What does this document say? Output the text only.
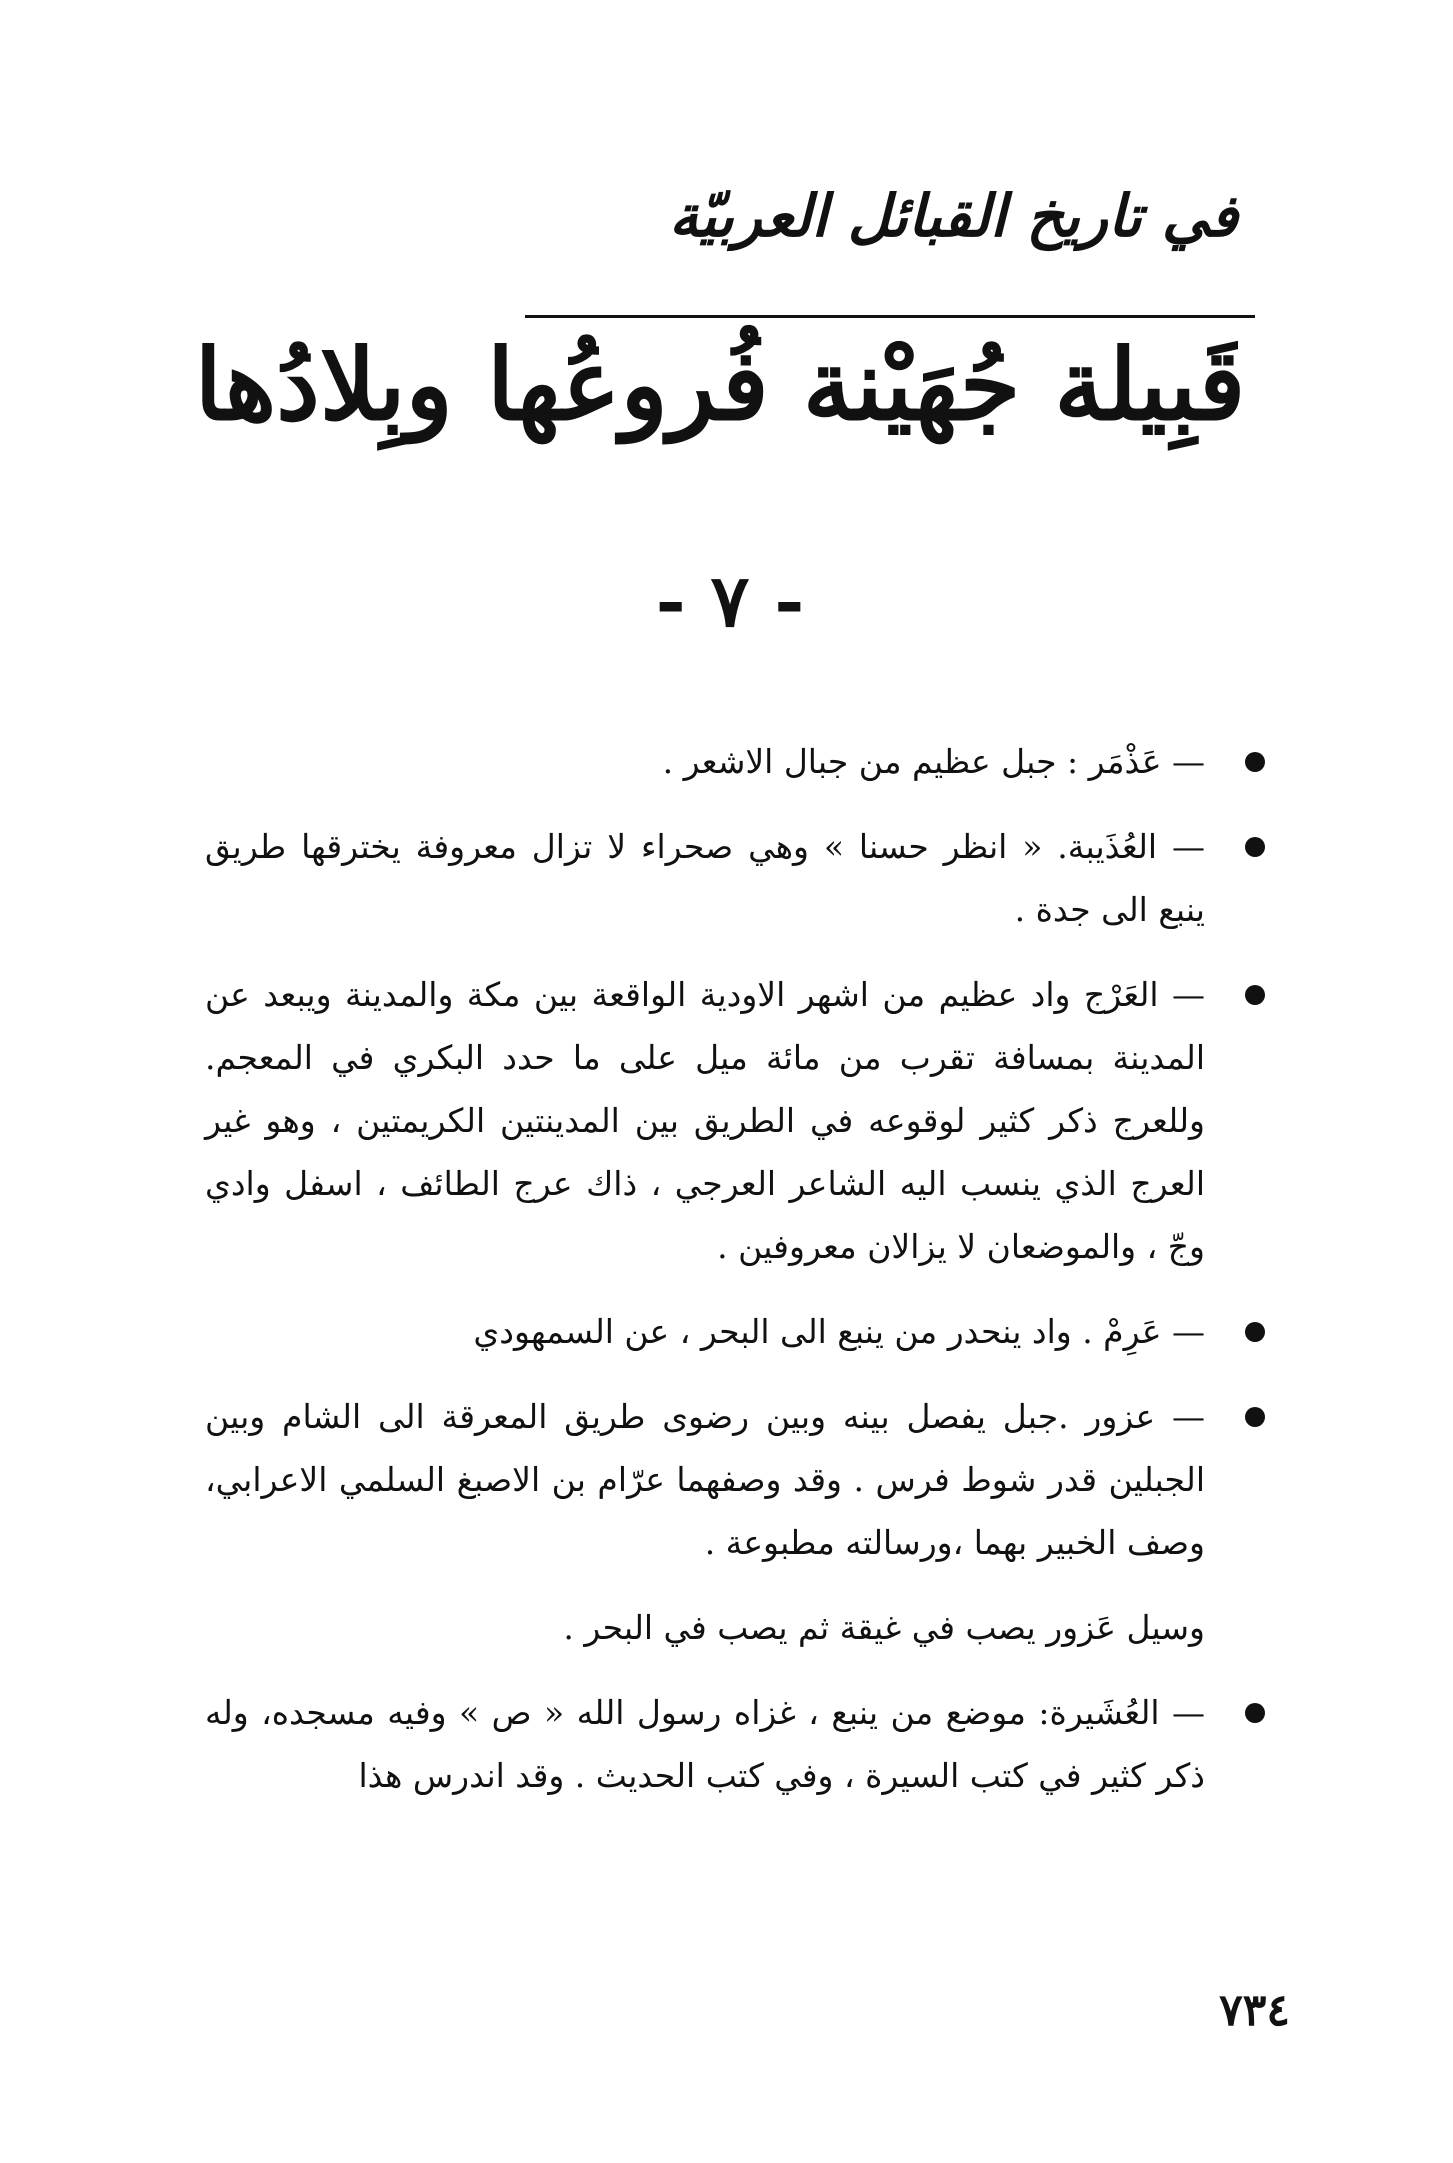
في تاريخ القبائل العربيّة
قَبِيلة جُهَيْنة فُروعُها وبِلادُها
- ٧ -

— عَذْمَر : جبل عظيم من جبال الاشعر .

— العُذَيبة. « انظر حسنا » وهي صحراء لا تزال معروفة يخترقها طريق ينبع الى جدة .

— العَرْج واد عظيم من اشهر الاودية الواقعة بين مكة والمدينة ويبعد عن المدينة بمسافة تقرب من مائة ميل على ما حدد البكري في المعجم. وللعرج ذكر كثير لوقوعه في الطريق بين المدينتين الكريمتين ، وهو غير العرج الذي ينسب اليه الشاعر العرجي ، ذاك عرج الطائف ، اسفل وادي وجّ ، والموضعان لا يزالان معروفين .

— عَرِمْ . واد ينحدر من ينبع الى البحر ، عن السمهودي

— عزور .جبل يفصل بينه وبين رضوى طريق المعرقة الى الشام وبين الجبلين قدر شوط فرس . وقد وصفهما عرّام بن الاصبغ السلمي الاعرابي، وصف الخبير بهما ،ورسالته مطبوعة .

وسيل عَزور يصب في غيقة ثم يصب في البحر .

— العُشَيرة: موضع من ينبع ، غزاه رسول الله « ص » وفيه مسجده، وله ذكر كثير في كتب السيرة ، وفي كتب الحديث . وقد اندرس هذا

٧٣٤
